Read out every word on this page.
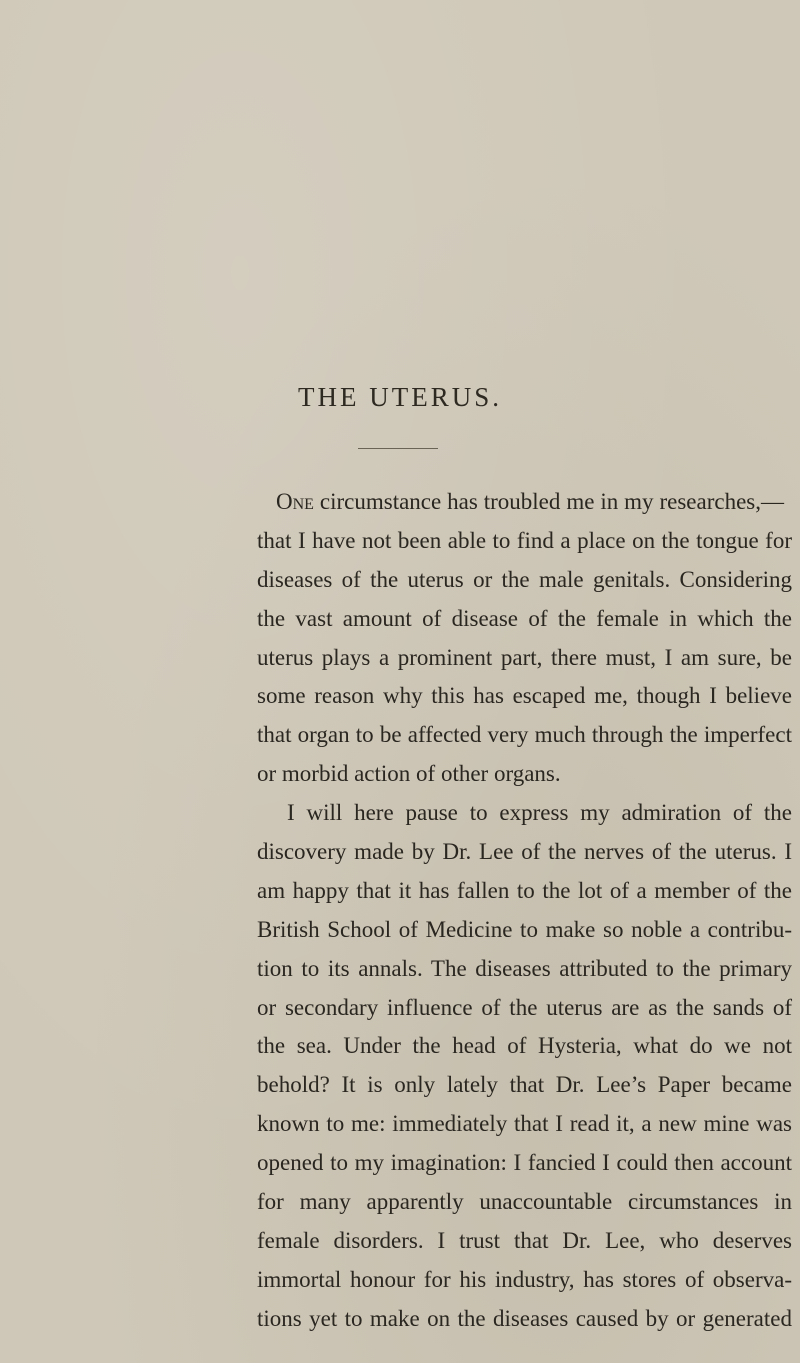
THE UTERUS.
One circumstance has troubled me in my researches,—
that I have not been able to find a place on the tongue for
diseases of the uterus or the male genitals. Considering
the vast amount of disease of the female in which the
uterus plays a prominent part, there must, I am sure, be
some reason why this has escaped me, though I believe
that organ to be affected very much through the imperfect
or morbid action of other organs.
I will here pause to express my admiration of the
discovery made by Dr. Lee of the nerves of the uterus. I
am happy that it has fallen to the lot of a member of the
British School of Medicine to make so noble a contribu-
tion to its annals. The diseases attributed to the primary
or secondary influence of the uterus are as the sands of
the sea. Under the head of Hysteria, what do we not
behold? It is only lately that Dr. Lee’s Paper became
known to me: immediately that I read it, a new mine was
opened to my imagination: I fancied I could then account
for many apparently unaccountable circumstances in
female disorders. I trust that Dr. Lee, who deserves
immortal honour for his industry, has stores of observa-
tions yet to make on the diseases caused by or generated
